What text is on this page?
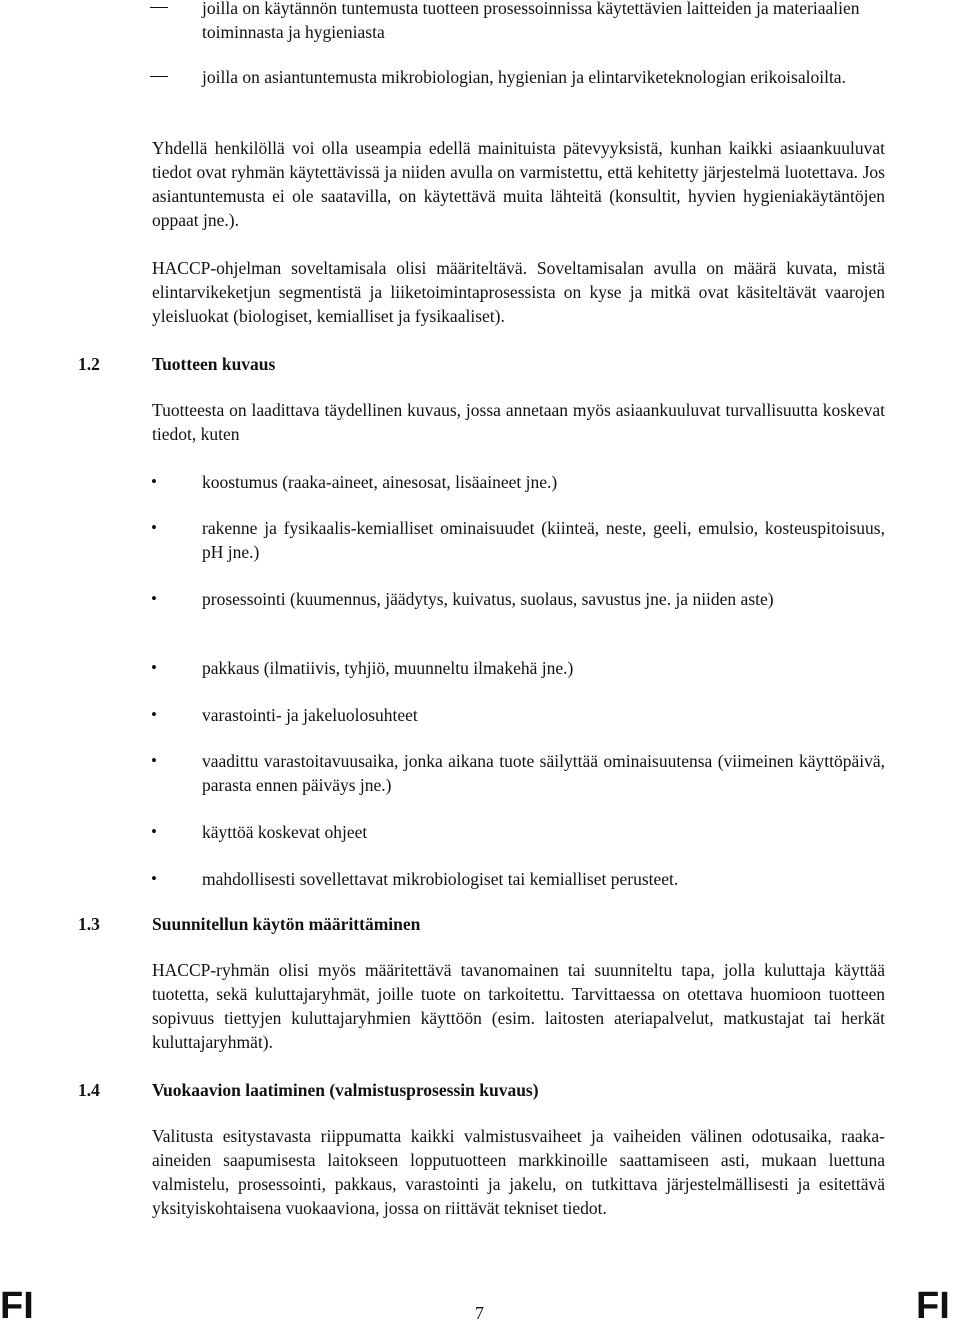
joilla on käytännön tuntemusta tuotteen prosessoinnissa käytettävien laitteiden ja materiaalien toiminnasta ja hygieniasta
joilla on asiantuntemusta mikrobiologian, hygienian ja elintarviketeknologian erikoisaloilta.

Yhdellä henkilöllä voi olla useampia edellä mainituista pätevyyksistä, kunhan kaikki asiaankuuluvat tiedot ovat ryhmän käytettävissä ja niiden avulla on varmistettu, että kehitetty järjestelmä luotettava. Jos asiantuntemusta ei ole saatavilla, on käytettävä muita lähteitä (konsultit, hyvien hygieniakäytäntöjen oppaat jne.).

HACCP-ohjelman soveltamisala olisi määriteltävä. Soveltamisalan avulla on määrä kuvata, mistä elintarvikeketjun segmentistä ja liiketoimintaprosessista on kyse ja mitkä ovat käsiteltävät vaarojen yleisluokat (biologiset, kemialliset ja fysikaaliset).

1.2	Tuotteen kuvaus

Tuotteesta on laadittava täydellinen kuvaus, jossa annetaan myös asiaankuuluvat turvallisuutta koskevat tiedot, kuten

•	koostumus (raaka-aineet, ainesosat, lisäaineet jne.)
•	rakenne ja fysikaalis-kemialliset ominaisuudet (kiinteä, neste, geeli, emulsio, kosteuspitoisuus, pH jne.)
•	prosessointi (kuumennus, jäädytys, kuivatus, suolaus, savustus jne. ja niiden aste)
•	pakkaus (ilmatiivis, tyhjiö, muunneltu ilmakehä jne.)
•	varastointi- ja jakeluolosuhteet
•	vaadittu varastoitavuusaika, jonka aikana tuote säilyttää ominaisuutensa (viimeinen käyttöpäivä, parasta ennen päiväys jne.)
•	käyttöä koskevat ohjeet
•	mahdollisesti sovellettavat mikrobiologiset tai kemialliset perusteet.
1.3	Suunnitellun käytön määrittäminen

HACCP-ryhmän olisi myös määritettävä tavanomainen tai suunniteltu tapa, jolla kuluttaja käyttää tuotetta, sekä kuluttajaryhmät, joille tuote on tarkoitettu. Tarvittaessa on otettava huomioon tuotteen sopivuus tiettyjen kuluttajaryhmien käyttöön (esim. laitosten ateriapalvelut, matkustajat tai herkät kuluttajaryhmät).

1.4	Vuokaavion laatiminen (valmistusprosessin kuvaus)

Valitusta esitystavasta riippumatta kaikki valmistusvaiheet ja vaiheiden välinen odotusaika, raaka-aineiden saapumisesta laitokseen lopputuotteen markkinoille saattamiseen asti, mukaan luettuna valmistelu, prosessointi, pakkaus, varastointi ja jakelu, on tutkittava järjestelmällisesti ja esitettävä yksityiskohtaisena vuokaaviona, jossa on riittävät tekniset tiedot.

FI	7	FI
